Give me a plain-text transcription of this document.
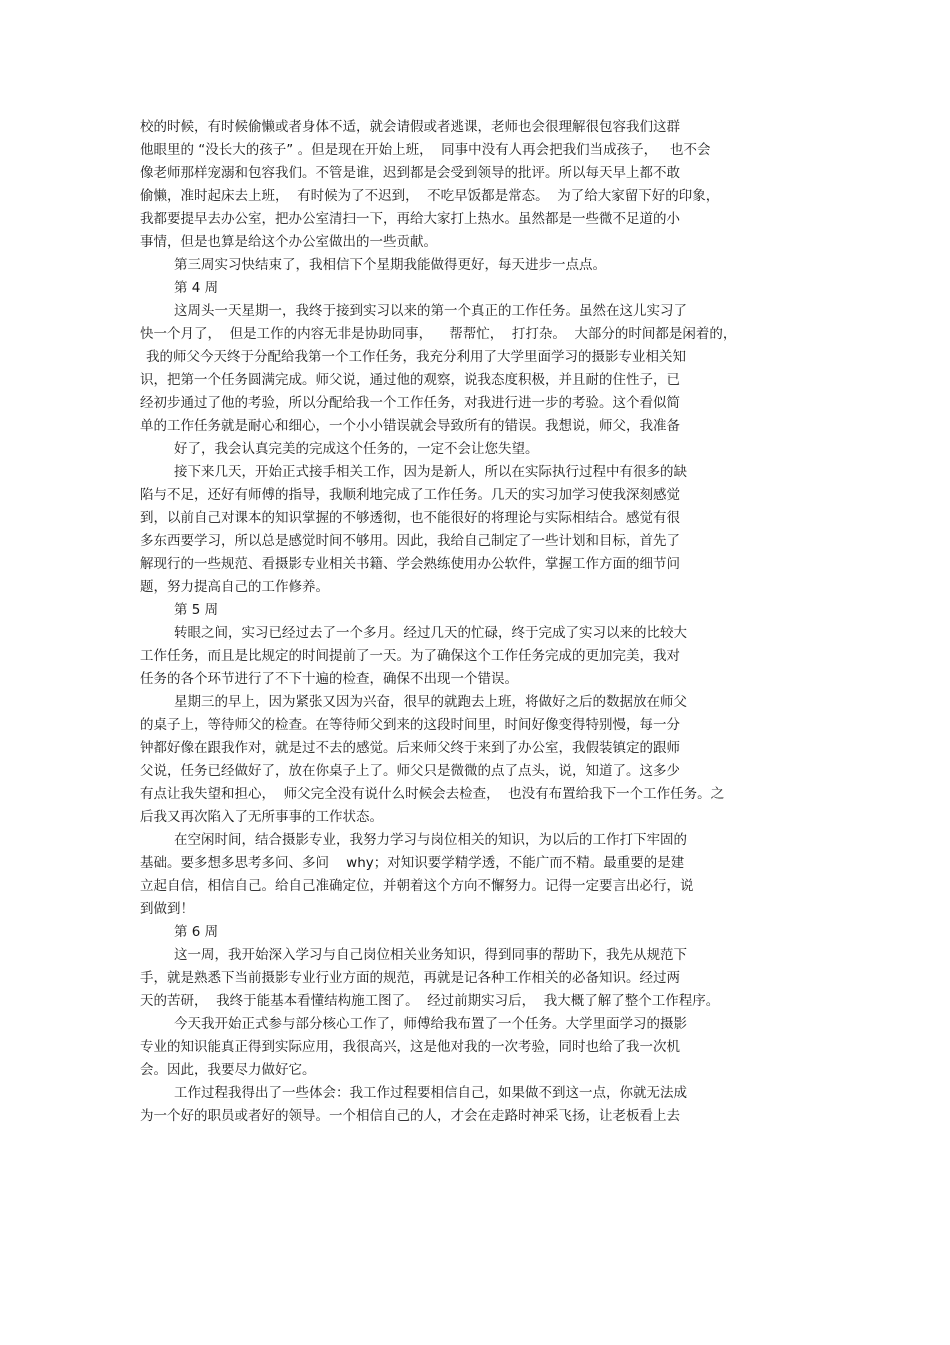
校的时候，有时候偷懒或者身体不适，就会请假或者逃课，老师也会很理解很包容我们这群
他眼里的 “没长大的孩子” 。但是现在开始上班，  同事中没有人再会把我们当成孩子，   也不会
像老师那样宠溺和包容我们。不管是谁，迟到都是会受到领导的批评。所以每天早上都不敢
偷懒，准时起床去上班，  有时候为了不迟到，  不吃早饭都是常态。  为了给大家留下好的印象，
我都要提早去办公室，把办公室清扫一下，再给大家打上热水。虽然都是一些微不足道的小
事情，但是也算是给这个办公室做出的一些贡献。
第三周实习快结束了，我相信下个星期我能做得更好，每天进步一点点。
第 4 周
这周头一天星期一，我终于接到实习以来的第一个真正的工作任务。虽然在这儿实习了
快一个月了，  但是工作的内容无非是协助同事，    帮帮忙，  打打杂。  大部分的时间都是闲着的，
我的师父今天终于分配给我第一个工作任务，我充分利用了大学里面学习的摄影专业相关知
识，把第一个任务圆满完成。师父说，通过他的观察，说我态度积极，并且耐的住性子，已
经初步通过了他的考验，所以分配给我一个工作任务，对我进行进一步的考验。这个看似简
单的工作任务就是耐心和细心，一个小小错误就会导致所有的错误。我想说，师父，我准备
好了，我会认真完美的完成这个任务的，一定不会让您失望。
接下来几天，开始正式接手相关工作，因为是新人，所以在实际执行过程中有很多的缺
陷与不足，还好有师傅的指导，我顺利地完成了工作任务。几天的实习加学习使我深刻感觉
到，以前自己对课本的知识掌握的不够透彻，也不能很好的将理论与实际相结合。感觉有很
多东西要学习，所以总是感觉时间不够用。因此，我给自己制定了一些计划和目标，首先了
解现行的一些规范、看摄影专业相关书籍、学会熟练使用办公软件，掌握工作方面的细节问
题，努力提高自己的工作修养。
第 5 周
转眼之间，实习已经过去了一个多月。经过几天的忙碌，终于完成了实习以来的比较大
工作任务，而且是比规定的时间提前了一天。为了确保这个工作任务完成的更加完美，我对
任务的各个环节进行了不下十遍的检查，确保不出现一个错误。
星期三的早上，因为紧张又因为兴奋，很早的就跑去上班，将做好之后的数据放在师父
的桌子上，等待师父的检查。在等待师父到来的这段时间里，时间好像变得特别慢，每一分
钟都好像在跟我作对，就是过不去的感觉。后来师父终于来到了办公室，我假装镇定的跟师
父说，任务已经做好了，放在你桌子上了。师父只是微微的点了点头，说，知道了。这多少
有点让我失望和担心，  师父完全没有说什么时候会去检查，  也没有布置给我下一个工作任务。之
后我又再次陷入了无所事事的工作状态。
在空闲时间，结合摄影专业，我努力学习与岗位相关的知识，为以后的工作打下牢固的
基础。要多想多思考多问、多问    why；对知识要学精学透，不能广而不精。最重要的是建
立起自信，相信自己。给自己准确定位，并朝着这个方向不懈努力。记得一定要言出必行，说
到做到！
第 6 周
这一周，我开始深入学习与自己岗位相关业务知识，得到同事的帮助下，我先从规范下
手，就是熟悉下当前摄影专业行业方面的规范，再就是记各种工作相关的必备知识。经过两
天的苦研，  我终于能基本看懂结构施工图了。  经过前期实习后，  我大概了解了整个工作程序。
今天我开始正式参与部分核心工作了，师傅给我布置了一个任务。大学里面学习的摄影
专业的知识能真正得到实际应用，我很高兴，这是他对我的一次考验，同时也给了我一次机
会。因此，我要尽力做好它。
工作过程我得出了一些体会：我工作过程要相信自己，如果做不到这一点，你就无法成
为一个好的职员或者好的领导。一个相信自己的人，才会在走路时神采飞扬，让老板看上去
